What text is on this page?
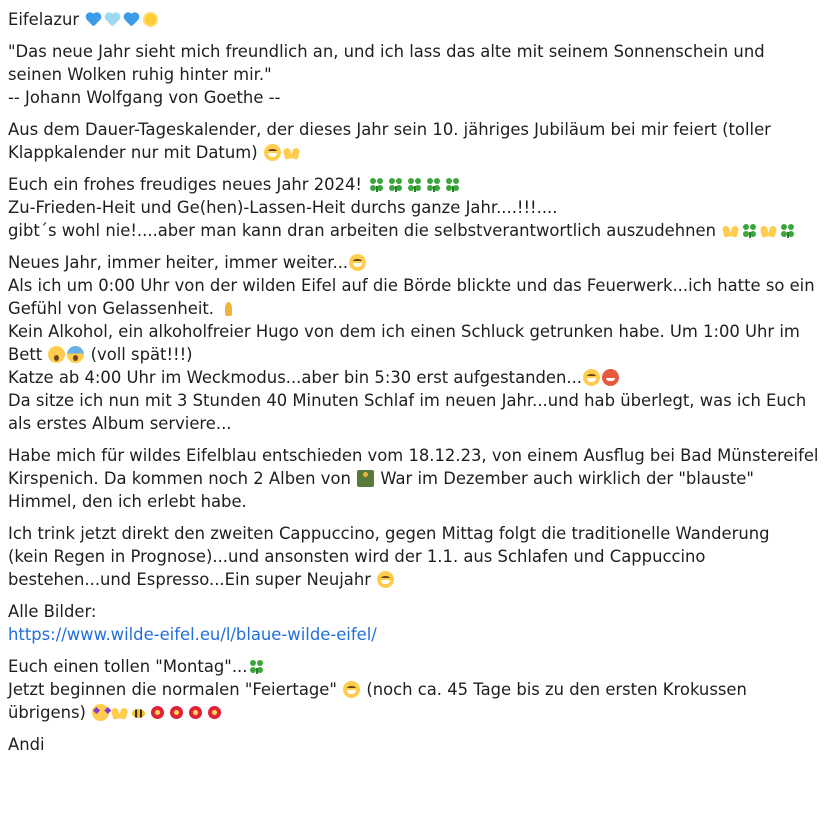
Eifelazur
"Das neue Jahr sieht mich freundlich an, und ich lass das alte mit seinem Sonnenschein und
seinen Wolken ruhig hinter mir."
-- Johann Wolfgang von Goethe --
Aus dem Dauer-Tageskalender, der dieses Jahr sein 10. jähriges Jubiläum bei mir feiert (toller
Klappkalender nur mit Datum)
Euch ein frohes freudiges neues Jahr 2024!
Zu-Frieden-Heit und Ge(hen)-Lassen-Heit durchs ganze Jahr....!!!....
gibt´s wohl nie!....aber man kann dran arbeiten die selbstverantwortlich auszudehnen
Neues Jahr, immer heiter, immer weiter...
Als ich um 0:00 Uhr von der wilden Eifel auf die Börde blickte und das Feuerwerk...ich hatte so ein
Gefühl von Gelassenheit.
Kein Alkohol, ein alkoholfreier Hugo von dem ich einen Schluck getrunken habe. Um 1:00 Uhr im
Bett  (voll spät!!!)
Katze ab 4:00 Uhr im Weckmodus...aber bin 5:30 erst aufgestanden...
Da sitze ich nun mit 3 Stunden 40 Minuten Schlaf im neuen Jahr...und hab überlegt, was ich Euch
als erstes Album serviere...
Habe mich für wildes Eifelblau entschieden vom 18.12.23, von einem Ausflug bei Bad Münstereifel
Kirspenich. Da kommen noch 2 Alben von  War im Dezember auch wirklich der "blauste"
Himmel, den ich erlebt habe.
Ich trink jetzt direkt den zweiten Cappuccino, gegen Mittag folgt die traditionelle Wanderung
(kein Regen in Prognose)...und ansonsten wird der 1.1. aus Schlafen und Cappuccino
bestehen...und Espresso...Ein super Neujahr
Alle Bilder:
https://www.wilde-eifel.eu/l/blaue-wilde-eifel/
Euch einen tollen "Montag"...
Jetzt beginnen die normalen "Feiertage"  (noch ca. 45 Tage bis zu den ersten Krokussen
übrigens)
Andi
